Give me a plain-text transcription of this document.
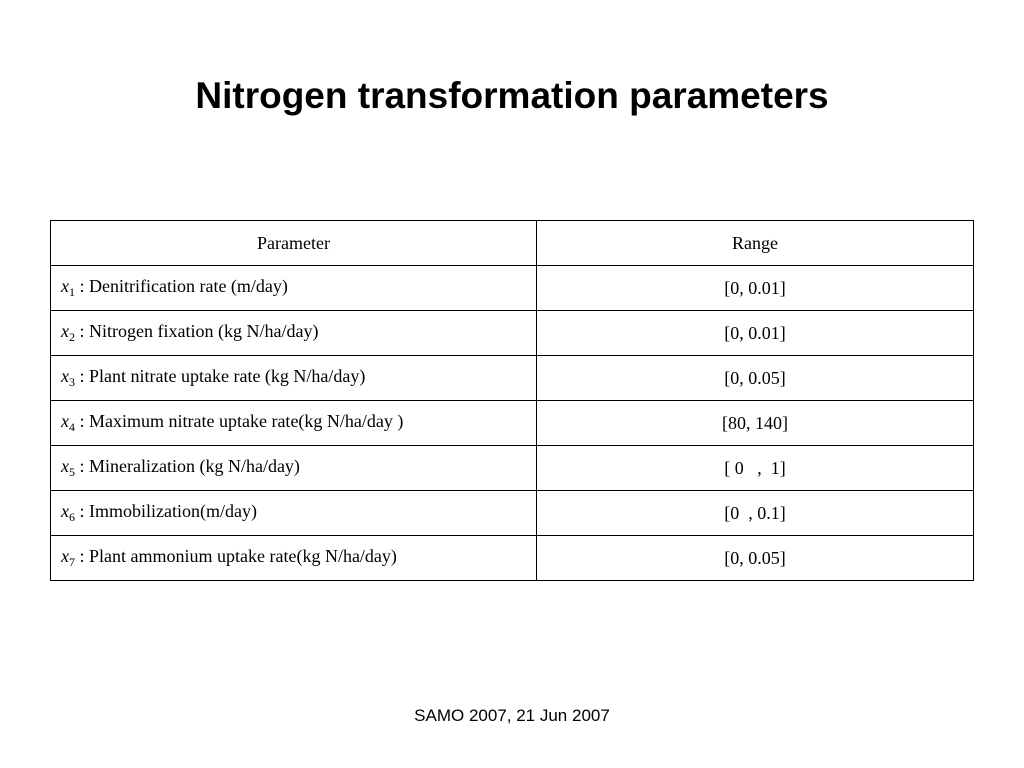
Nitrogen transformation parameters
Parameter	Range
$x_1$ : Denitrification rate (m/day)	[0, 0.01]
$x_2$ : Nitrogen fixation (kg N/ha/day)	[0, 0.01]
$x_3$ : Plant nitrate uptake rate (kg N/ha/day)	[0, 0.05]
$x_4$ : Maximum nitrate uptake rate(kg N/ha/day )	[80, 140]
$x_5$ : Mineralization (kg N/ha/day)	[ 0   ,  1]
$x_6$ : Immobilization(m/day)	[0  , 0.1]
$x_7$ : Plant ammonium uptake rate(kg N/ha/day)	[0, 0.05]
SAMO 2007, 21 Jun 2007
